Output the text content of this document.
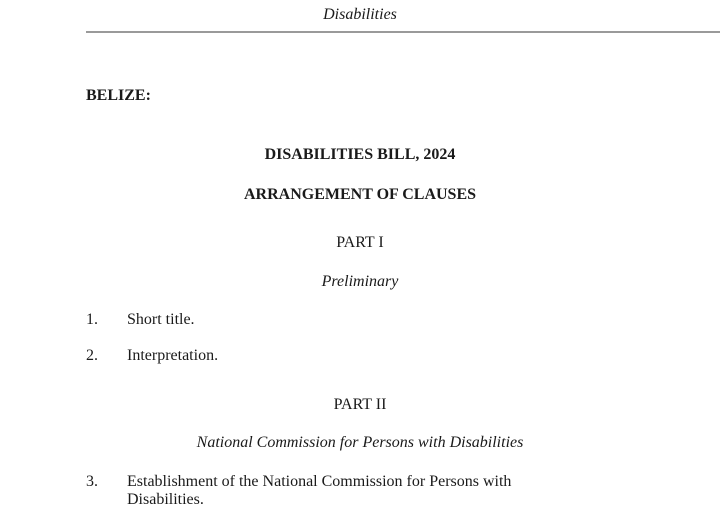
Disabilities
BELIZE:
DISABILITIES BILL, 2024
ARRANGEMENT OF CLAUSES
PART I
Preliminary
1. Short title.
2. Interpretation.
PART II
National Commission for Persons with Disabilities
3. Establishment of the National Commission for Persons with Disabilities.
